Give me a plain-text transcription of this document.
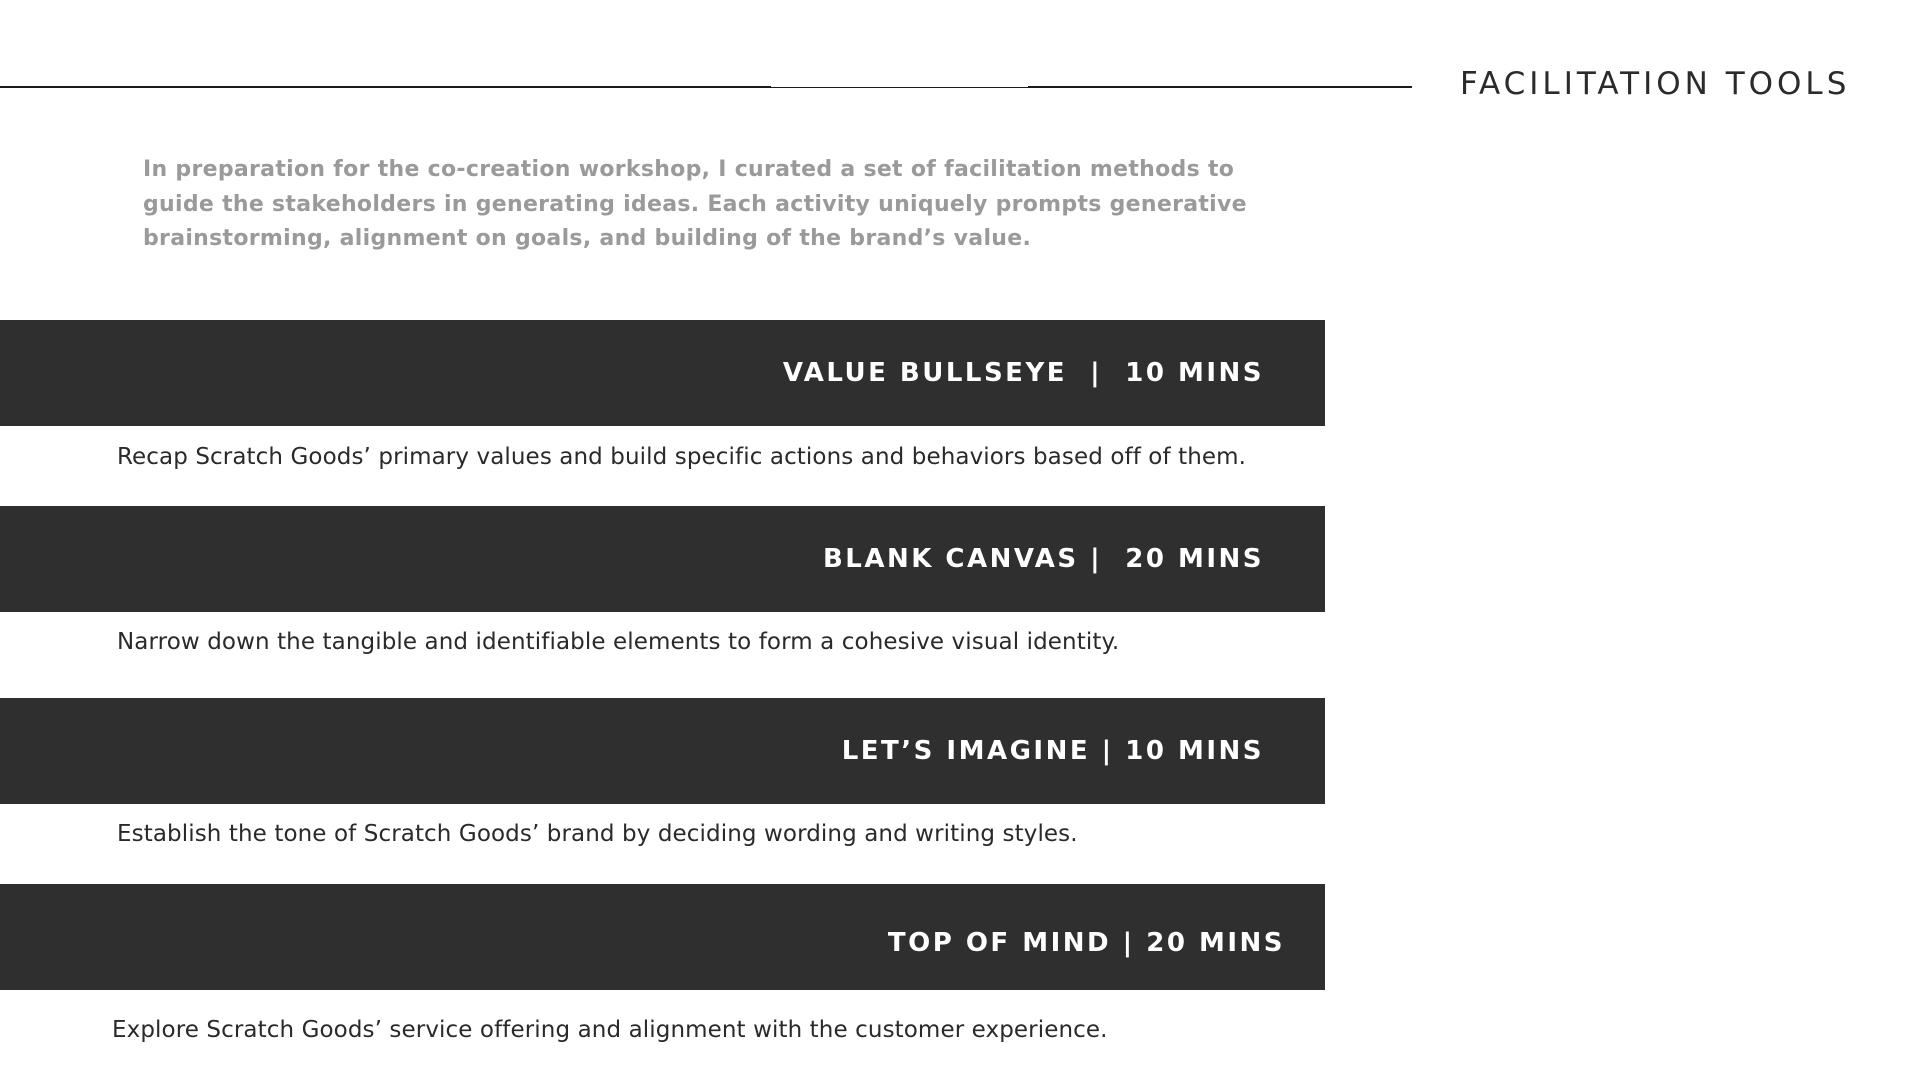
FACILITATION TOOLS
In preparation for the co-creation workshop, I curated a set of facilitation methods to
guide the stakeholders in generating ideas. Each activity uniquely prompts generative
brainstorming, alignment on goals, and building of the brand’s value.
VALUE BULLSEYE  |  10 MINS
Recap Scratch Goods’ primary values and build specific actions and behaviors based off of them.
BLANK CANVAS |  20 MINS
Narrow down the tangible and identifiable elements to form a cohesive visual identity.
LET’S IMAGINE | 10 MINS
Establish the tone of Scratch Goods’ brand by deciding wording and writing styles.
TOP OF MIND | 20 MINS
Explore Scratch Goods’ service offering and alignment with the customer experience.
